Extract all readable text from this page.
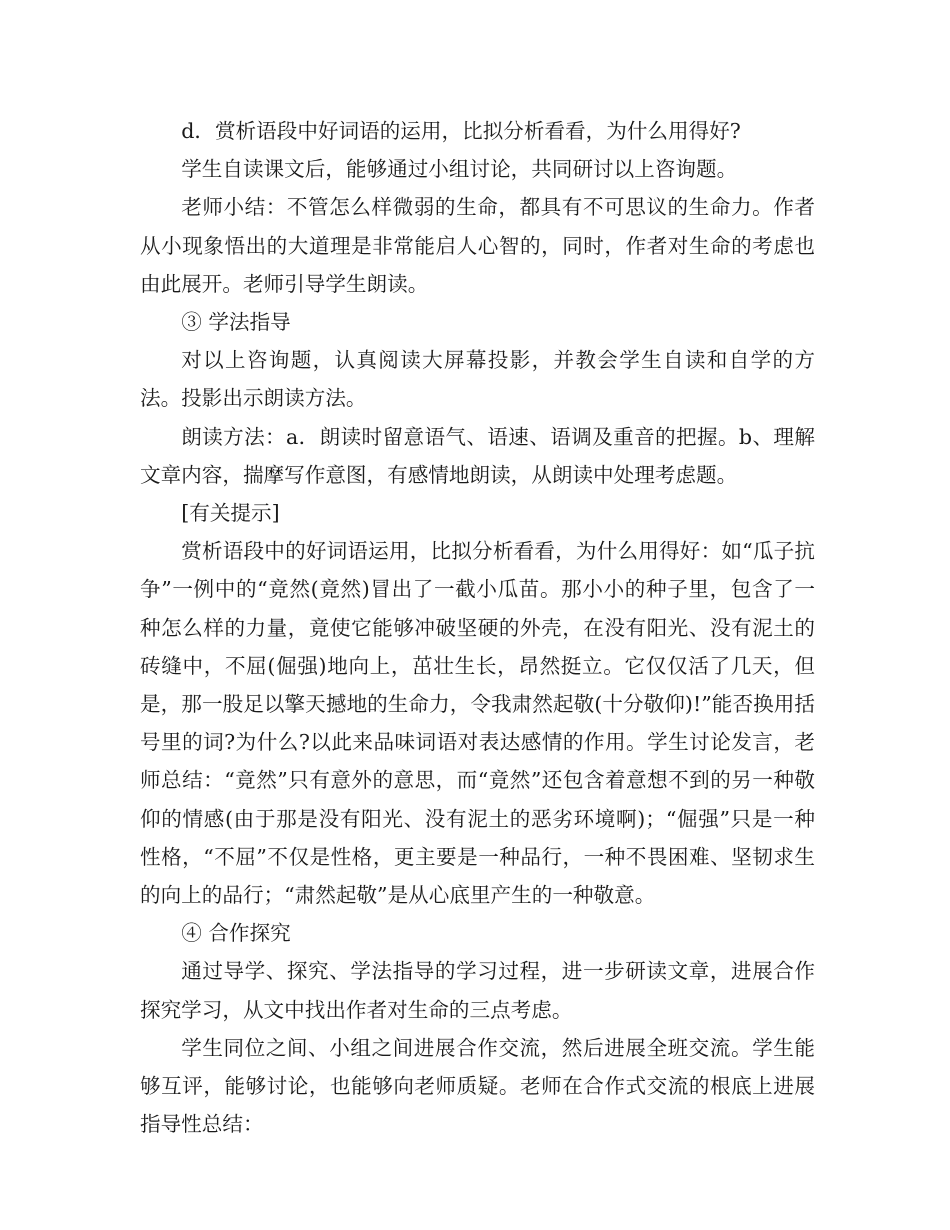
d．赏析语段中好词语的运用，比拟分析看看，为什么用得好?

学生自读课文后，能够通过小组讨论，共同研讨以上咨询题。

老师小结：不管怎么样微弱的生命，都具有不可思议的生命力。作者从小现象悟出的大道理是非常能启人心智的，同时，作者对生命的考虑也由此展开。老师引导学生朗读。

③ 学法指导

对以上咨询题，认真阅读大屏幕投影，并教会学生自读和自学的方法。投影出示朗读方法。

朗读方法：a．朗读时留意语气、语速、语调及重音的把握。b、理解文章内容，揣摩写作意图，有感情地朗读，从朗读中处理考虑题。

[有关提示]

赏析语段中的好词语运用，比拟分析看看，为什么用得好：如“瓜子抗争”一例中的“竟然(竟然)冒出了一截小瓜苗。那小小的种子里，包含了一种怎么样的力量，竟使它能够冲破坚硬的外壳，在没有阳光、没有泥土的砖缝中，不屈(倔强)地向上，茁壮生长，昂然挺立。它仅仅活了几天，但是，那一股足以擎天撼地的生命力，令我肃然起敬(十分敬仰)!”能否换用括号里的词?为什么?以此来品味词语对表达感情的作用。学生讨论发言，老师总结：“竟然”只有意外的意思，而“竟然”还包含着意想不到的另一种敬仰的情感(由于那是没有阳光、没有泥土的恶劣环境啊)；“倔强”只是一种性格，“不屈”不仅是性格，更主要是一种品行，一种不畏困难、坚韧求生的向上的品行；“肃然起敬”是从心底里产生的一种敬意。

④ 合作探究

通过导学、探究、学法指导的学习过程，进一步研读文章，进展合作探究学习，从文中找出作者对生命的三点考虑。

学生同位之间、小组之间进展合作交流，然后进展全班交流。学生能够互评，能够讨论，也能够向老师质疑。老师在合作式交流的根底上进展指导性总结：
